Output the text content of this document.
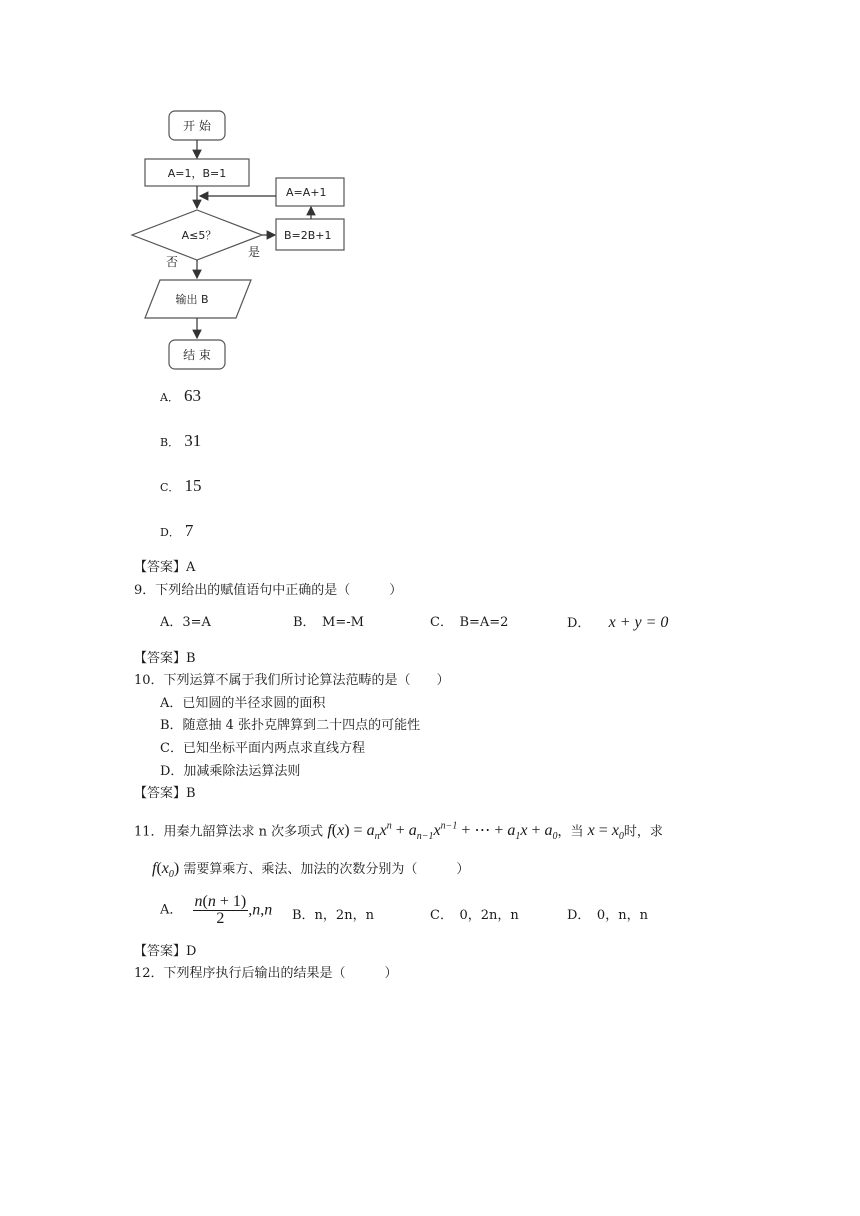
开 始
A=1，B=1
A=A+1
A≤5？	B=2B+1
是
否
输出 B
结 束
A． 63
B． 31
C． 15
D． 7
【答案】A
9．下列给出的赋值语句中正确的是（　　　）
A．3=A	B．　M=-M	C．　B=A=2	D． x + y = 0
【答案】B
10．下列运算不属于我们所讨论算法范畴的是（　　）
A．已知圆的半径求圆的面积
B．随意抽 4 张扑克牌算到二十四点的可能性
C．已知坐标平面内两点求直线方程
D．加减乘除法运算法则
【答案】B
11．用秦九韶算法求 n 次多项式 $f(x) = a_nx^n + a_{n-1}x^{n-1}$ + ⋯ + $a_1x + a_0$，当 $x = x_0$时，求
$f(x_0)$ 需要算乘方、乘法、加法的次数分别为（　　　）
A． $\frac{n(n + 1)}{2} ,n,n$ B．n，2n，n	C．　0，2n，n	D．　0，n，n
【答案】D
12．下列程序执行后输出的结果是（　　　）
